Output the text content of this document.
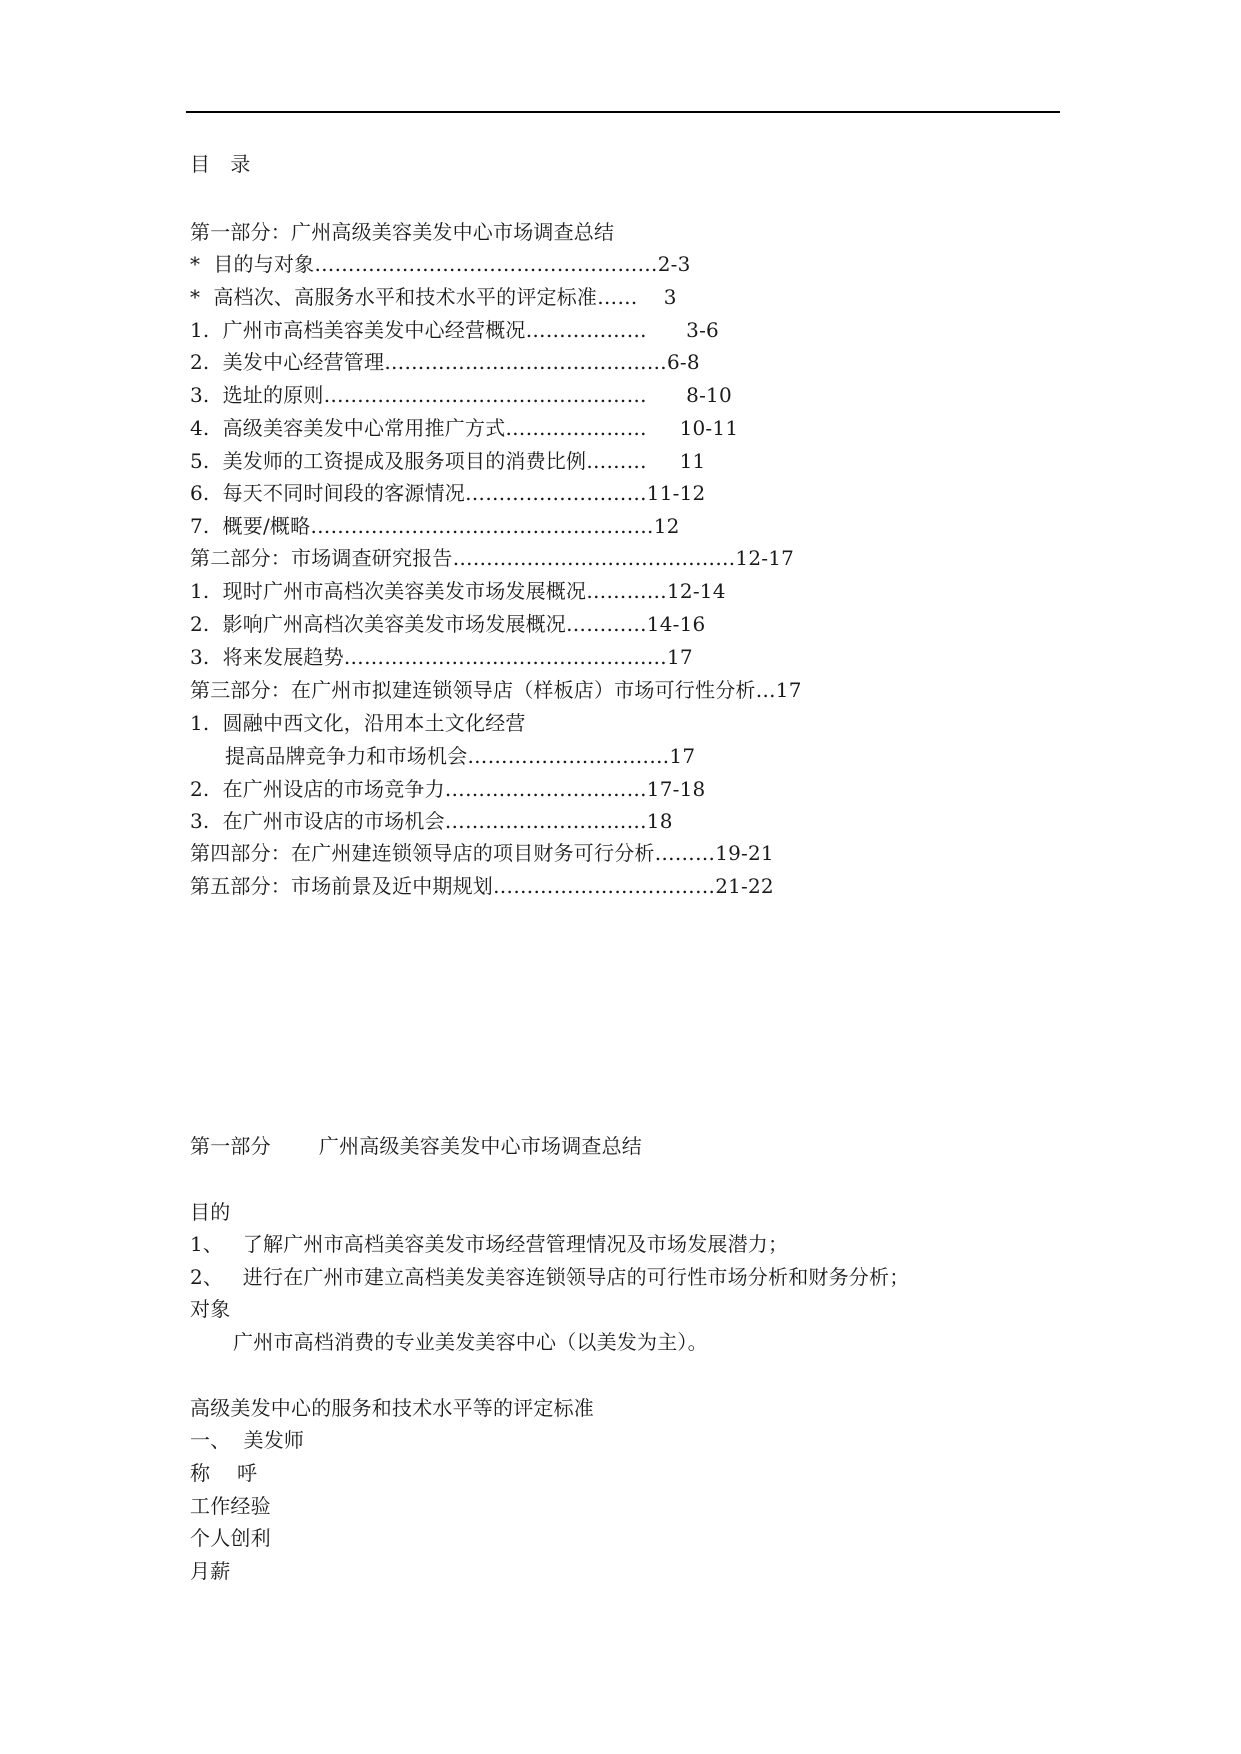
目　录
第一部分：广州高级美容美发中心市场调查总结
*  目的与对象……………………………………………2-3
*  高档次、高服务水平和技术水平的评定标准……    3
1.  广州市高档美容美发中心经营概况………………      3-6
2.  美发中心经营管理……………………………………6-8
3.  选址的原则…………………………………………      8-10
4.  高级美容美发中心常用推广方式…………………     10-11
5.  美发师的工资提成及服务项目的消费比例………     11
6.  每天不同时间段的客源情况………………………11-12
7.  概要/概略……………………………………………12
第二部分：市场调查研究报告……………………………………12-17
1.  现时广州市高档次美容美发市场发展概况…………12-14
2.  影响广州高档次美容美发市场发展概况…………14-16
3.  将来发展趋势…………………………………………17
第三部分：在广州市拟建连锁领导店（样板店）市场可行性分析…17
1.  圆融中西文化，沿用本土文化经营
提高品牌竞争力和市场机会…………………………17
2.  在广州设店的市场竞争力…………………………17-18
3.  在广州市设店的市场机会…………………………18
第四部分：在广州建连锁领导店的项目财务可行分析………19-21
第五部分：市场前景及近中期规划……………………………21-22
第一部分 广州高级美容美发中心市场调查总结
目的
1、   了解广州市高档美容美发市场经营管理情况及市场发展潜力；
2、   进行在广州市建立高档美发美容连锁领导店的可行性市场分析和财务分析；
对象
广州市高档消费的专业美发美容中心（以美发为主）。
高级美发中心的服务和技术水平等的评定标准
一、  美发师
称　 呼
工作经验
个人创利
月薪
